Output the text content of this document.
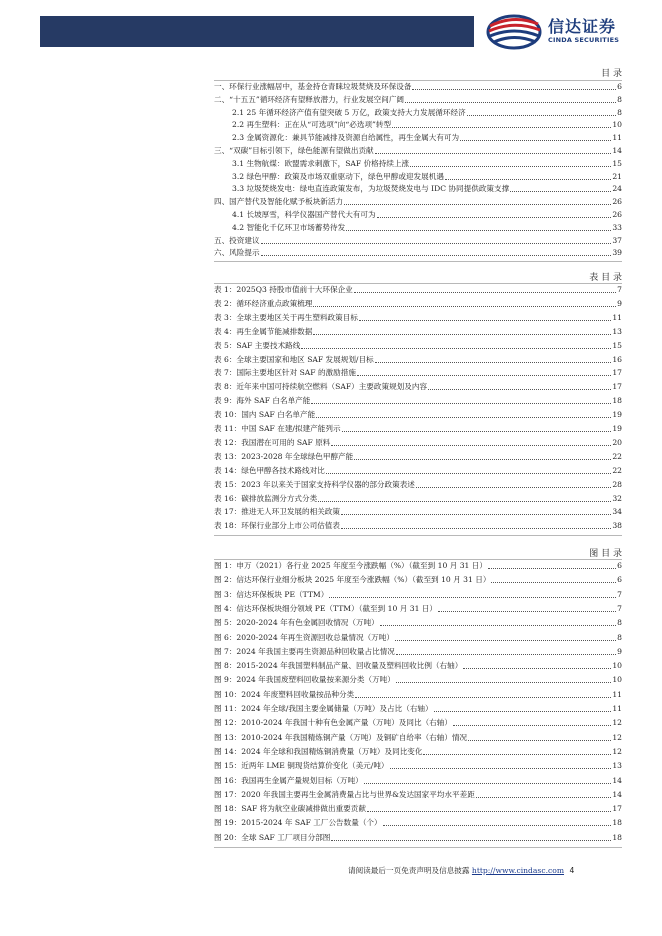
信达证券
CINDA SECURITIES
目 录
一、环保行业涨幅居中，基金持仓青睐垃圾焚烧及环保设备	6
二、“十五五”循环经济有望释放潜力，行业发展空间广阔	8
2.1 25 年循环经济产值有望突破 5 万亿，政策支持大力发展循环经济	8
2.2 再生塑料：正在从“可选项”向“必选项”转型	10
2.3 金属资源化：兼具节能减排及资源自给属性，再生金属大有可为	11
三、“双碳”目标引领下，绿色能源有望做出贡献	14
3.1 生物航煤：欧盟需求刺激下，SAF 价格持续上涨	15
3.2 绿色甲醇：政策及市场双重驱动下，绿色甲醇或迎发展机遇	21
3.3 垃圾焚烧发电：绿电直连政策发布，为垃圾焚烧发电与 IDC 协同提供政策支撑	24
四、国产替代及智能化赋予板块新活力	26
4.1 长坡厚雪，科学仪器国产替代大有可为	26
4.2 智能化千亿环卫市场蓄势待发	33
五、投资建议	37
六、风险提示	39
表 目 录
表 1：2025Q3 持股市值前十大环保企业	7
表 2：循环经济重点政策梳理	9
表 3：全球主要地区关于再生塑料政策目标	11
表 4：再生金属节能减排数据	13
表 5：SAF 主要技术路线	15
表 6：全球主要国家和地区 SAF 发展规划/目标	16
表 7：国际主要地区针对 SAF 的激励措施	17
表 8：近年来中国可持续航空燃料（SAF）主要政策规划及内容	17
表 9：海外 SAF 白名单产能	18
表 10：国内 SAF 白名单产能	19
表 11：中国 SAF 在建/拟建产能列示	19
表 12：我国潜在可用的 SAF 原料	20
表 13：2023-2028 年全球绿色甲醇产能	22
表 14：绿色甲醇各技术路线对比	22
表 15：2023 年以来关于国家支持科学仪器的部分政策表述	28
表 16：碳排放监测分方式分类	32
表 17：推进无人环卫发展的相关政策	34
表 18：环保行业部分上市公司估值表	38
图 目 录
图 1：申万（2021）各行业 2025 年度至今涨跌幅（%）（截至到 10 月 31 日）	6
图 2：信达环保行业细分板块 2025 年度至今涨跌幅（%）（截至到 10 月 31 日）	6
图 3：信达环保板块 PE（TTM）	7
图 4：信达环保板块细分领域 PE（TTM）（截至到 10 月 31 日）	7
图 5：2020-2024 年有色金属回收情况（万吨）	8
图 6：2020-2024 年再生资源回收总量情况（万吨）	8
图 7：2024 年我国主要再生资源品种回收量占比情况	9
图 8：2015-2024 年我国塑料制品产量、回收量及塑料回收比例（右轴）	10
图 9：2024 年我国废塑料回收量按来源分类（万吨）	10
图 10：2024 年废塑料回收量按品种分类	11
图 11：2024 年全球/我国主要金属储量（万吨）及占比（右轴）	11
图 12：2010-2024 年我国十种有色金属产量（万吨）及同比（右轴）	12
图 13：2010-2024 年我国精炼铜产量（万吨）及铜矿自给率（右轴）情况	12
图 14：2024 年全球和我国精炼铜消费量（万吨）及同比变化	12
图 15：近两年 LME 铜现货结算价变化（美元/吨）	13
图 16：我国再生金属产量规划目标（万吨）	14
图 17：2020 年我国主要再生金属消费量占比与世界&发达国家平均水平差距	14
图 18：SAF 将为航空业碳减排做出重要贡献	17
图 19：2015-2024 年 SAF 工厂公告数量（个）	18
图 20：全球 SAF 工厂项目分部图	18
请阅读最后一页免责声明及信息披露 http://www.cindasc.com 4
